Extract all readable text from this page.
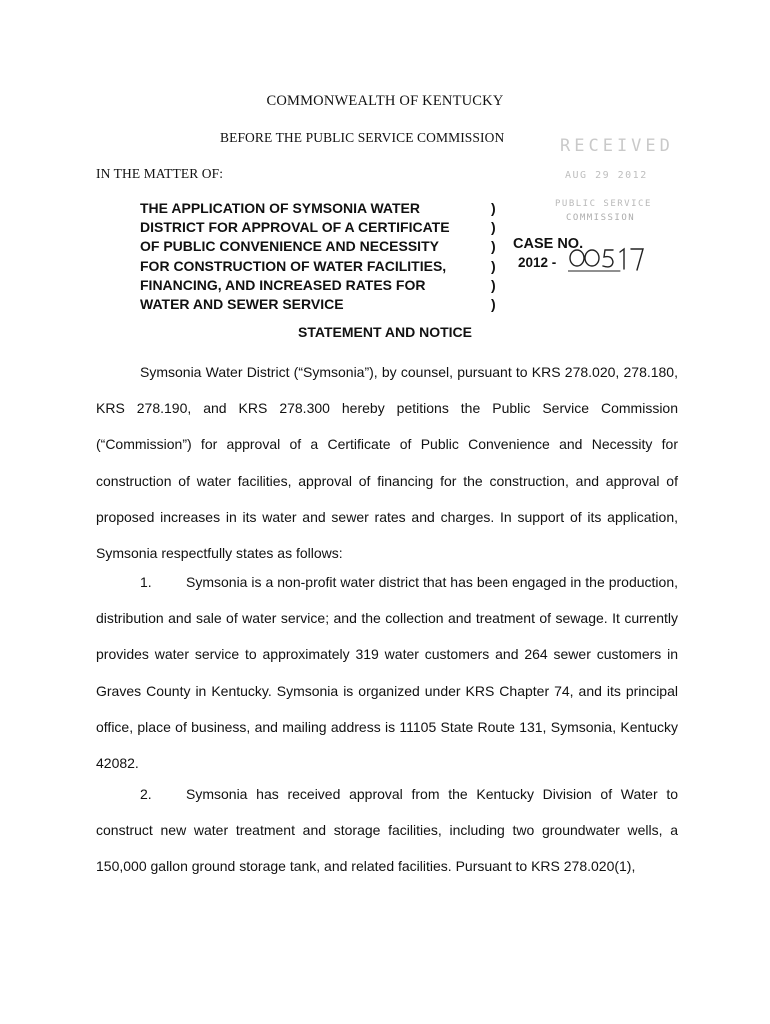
COMMONWEALTH OF KENTUCKY
BEFORE THE PUBLIC SERVICE COMMISSION
IN THE MATTER OF:
RECEIVED
AUG 29 2012
PUBLIC SERVICE
COMMISSION
THE APPLICATION OF SYMSONIA WATER
DISTRICT FOR APPROVAL OF A CERTIFICATE
OF PUBLIC CONVENIENCE AND NECESSITY
FOR CONSTRUCTION OF WATER FACILITIES,
FINANCING, AND INCREASED RATES FOR
WATER AND SEWER SERVICE
)
)
)
)
)
)
CASE NO.
2012 -
STATEMENT AND NOTICE

Symsonia Water District (“Symsonia”), by counsel, pursuant to KRS 278.020, 278.180, KRS 278.190, and KRS 278.300 hereby petitions the Public Service Commission (“Commission”) for approval of a Certificate of Public Convenience and Necessity for construction of water facilities, approval of financing for the construction, and approval of proposed increases in its water and sewer rates and charges. In support of its application, Symsonia respectfully states as follows:

1. Symsonia is a non-profit water district that has been engaged in the production, distribution and sale of water service; and the collection and treatment of sewage. It currently provides water service to approximately 319 water customers and 264 sewer customers in Graves County in Kentucky. Symsonia is organized under KRS Chapter 74, and its principal office, place of business, and mailing address is 11105 State Route 131, Symsonia, Kentucky 42082.

2. Symsonia has received approval from the Kentucky Division of Water to construct new water treatment and storage facilities, including two groundwater wells, a 150,000 gallon ground storage tank, and related facilities. Pursuant to KRS 278.020(1),
